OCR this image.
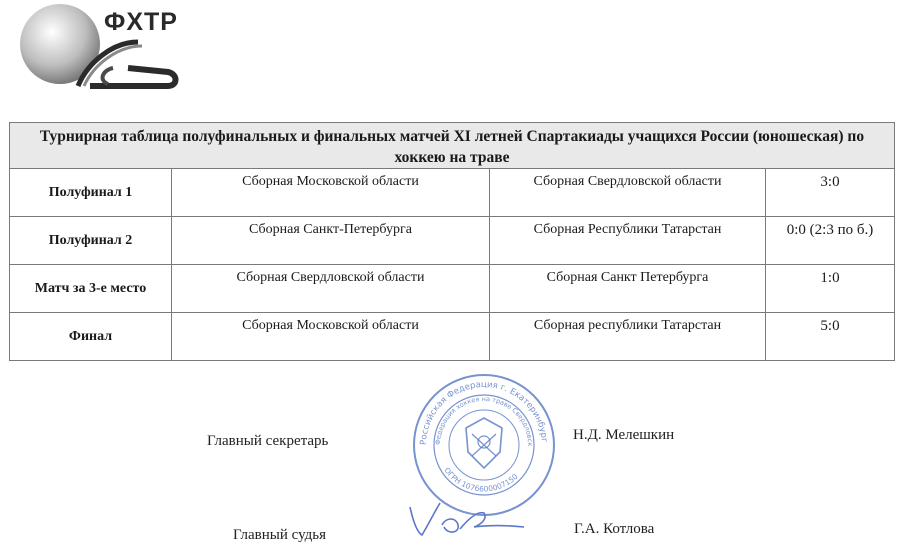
ФХТР
Турнирная таблица полуфинальных и финальных матчей XI летней Спартакиады учащихся России (юношеская) по хоккею на траве			
Полуфинал 1	Сборная Московской области	Сборная Свердловской области	3:0
Полуфинал 2	Сборная Санкт-Петербурга	Сборная Республики Татарстан	0:0 (2:3 по б.)
Матч за 3-е место	Сборная Свердловской области	Сборная Санкт Петербурга	1:0
Финал	Сборная Московской области	Сборная республики Татарстан	5:0
Главный секретарь	Н.Д. Мелешкин
Главный судья	Г.А. Котлова
Российская Федерация г. Екатеринбург
Федерация хоккея на траве Свердловск
ОГРН 1076600007150
